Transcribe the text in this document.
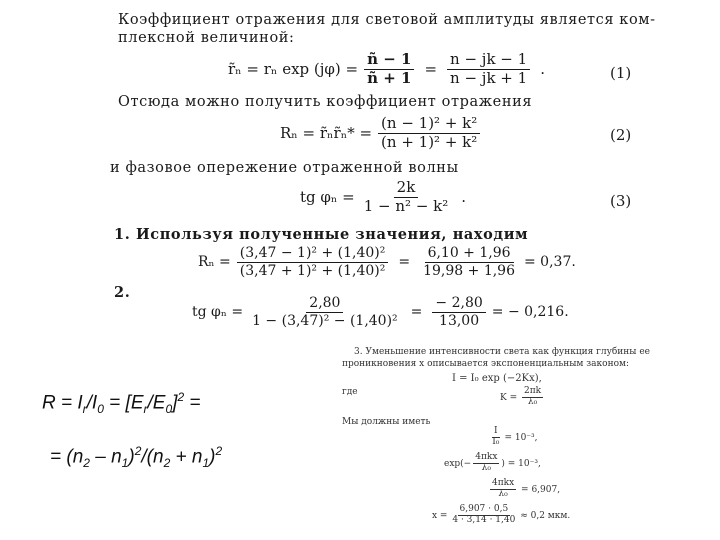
Коэффициент отражения для световой амплитуды является ком-
плексной величиной:
r̃ₙ = rₙ $\exp (j\varphi) = \frac{ñ - 1}{ñ + 1} = \frac{n - jk - 1}{n - jk + 1}$ .	(1)
Отсюда можно получить коэффициент отражения
Rₙ = r̃ₙr̃ₙ* = $\frac{\text{(n − 1)² + k²}}{\text{(n + 1)² + k²}}$	(2)
и фазовое опережение отраженной волны
tg $\varphi_n = \frac{2k}{\text{1 − n² − k²}}$ .	(3)
1. Используя полученные значения, находим
$R_n = \frac{\text{(3,47 − 1)² + (1,40)²}}{\text{(3,47 + 1)² + (1,40)²}} = \frac{6,10 + 1,96}{19,98 + 1,96} = 0,37$.
2.
tg $\varphi_n = \frac{2,80}{\text{1 − (3,47)² − (1,40)²}} = \frac{- 2,80}{13,00}$ = − 0,216.
$R = I_r/I_0 = [E_r/E_0]^2$ =
= $(n_2 - n_1)^2/(n_2 + n_1)^2$
3. Уменьшение интенсивности света как функция глубины ее
проникновения x описывается экспоненциальным законом:
I = I₀ exp (−2Kx),
где
$K = \frac{2\pi k}{\text{λ₀}}$
Мы должны иметь
$\frac{I}{\text{I₀}} = 10^{-3}$,
exp(−
4πkx
λ₀ ) = 10⁻³,
4πkx
λ₀ = 6,907,
$x = \frac{6,907 \cdot 0,5}{4 \cdot 3,14 \cdot 1,40} \approx 0,2$ мкм.
